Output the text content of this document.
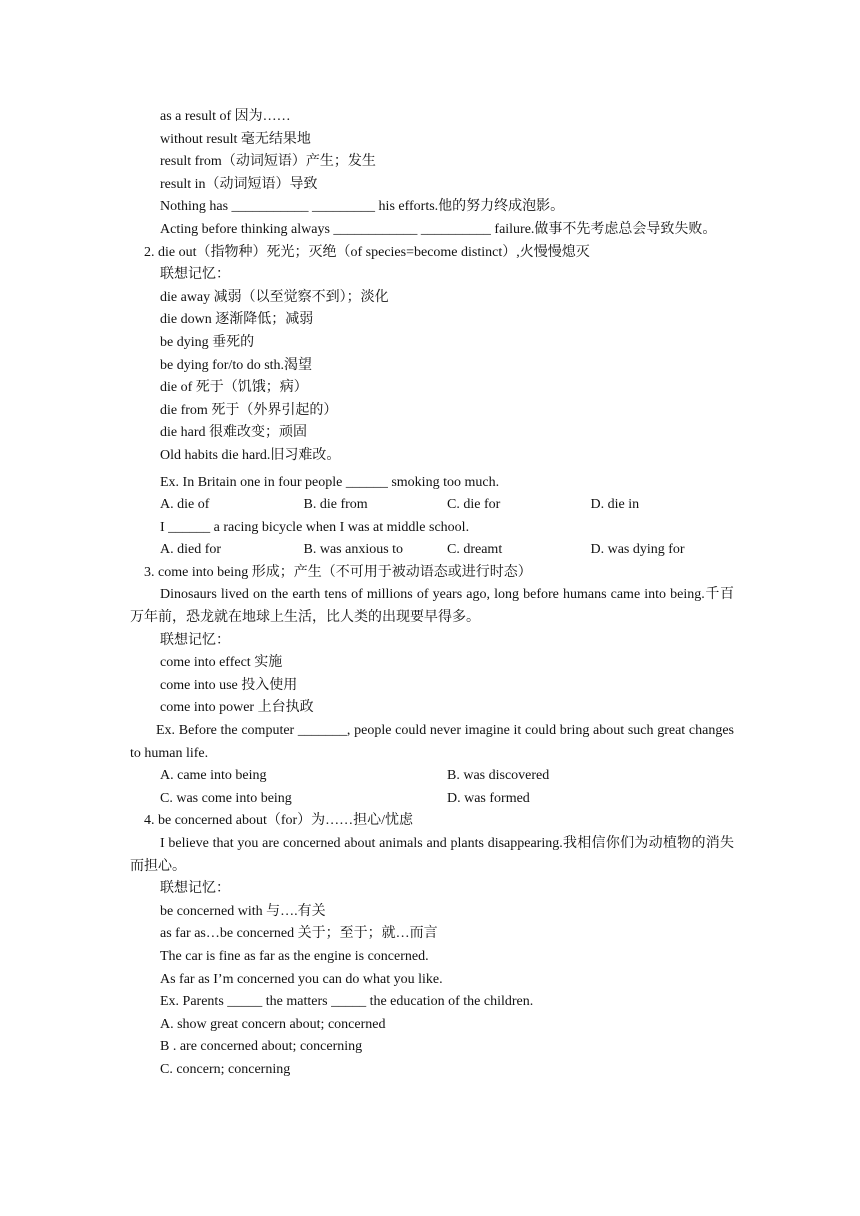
as a result of 因为……
without result 毫无结果地
result from（动词短语）产生；发生
result in（动词短语）导致
Nothing has ___________ _________ his efforts.他的努力终成泡影。
Acting before thinking always ____________ __________ failure.做事不先考虑总会导致失败。
2. die out（指物种）死光；灭绝（of species=become distinct）,火慢慢熄灭
联想记忆：
die away 减弱（以至觉察不到）；淡化
die down 逐渐降低；减弱
be dying 垂死的
be dying for/to do sth.渴望
die of 死于（饥饿；病）
die from 死于（外界引起的）
die hard 很难改变；顽固
Old habits die hard.旧习难改。
Ex. In Britain one in four people ______ smoking too much.
A. die of	B. die from	C. die for	D. die in
I ______ a racing bicycle when I was at middle school.
A. died for	B. was anxious to	C. dreamt	D. was dying for
3. come into being 形成；产生（不可用于被动语态或进行时态）
Dinosaurs lived on the earth tens of millions of years ago, long before humans came into being.千百万年前，恐龙就在地球上生活，比人类的出现要早得多。
联想记忆：
come into effect 实施
come into use 投入使用
come into power 上台执政
Ex. Before the computer _______, people could never imagine it could bring about such great changes to human life.
A. came into being	B. was discovered
C. was come into being	D. was formed
4. be concerned about（for）为……担心/忧虑
I believe that you are concerned about animals and plants disappearing.我相信你们为动植物的消失而担心。
联想记忆：
be concerned with 与….有关
as far as…be concerned 关于；至于；就…而言
The car is fine as far as the engine is concerned.
As far as I’m concerned you can do what you like.
Ex. Parents _____ the matters _____ the education of the children.
A. show great concern about; concerned
B . are concerned about; concerning
C. concern; concerning
